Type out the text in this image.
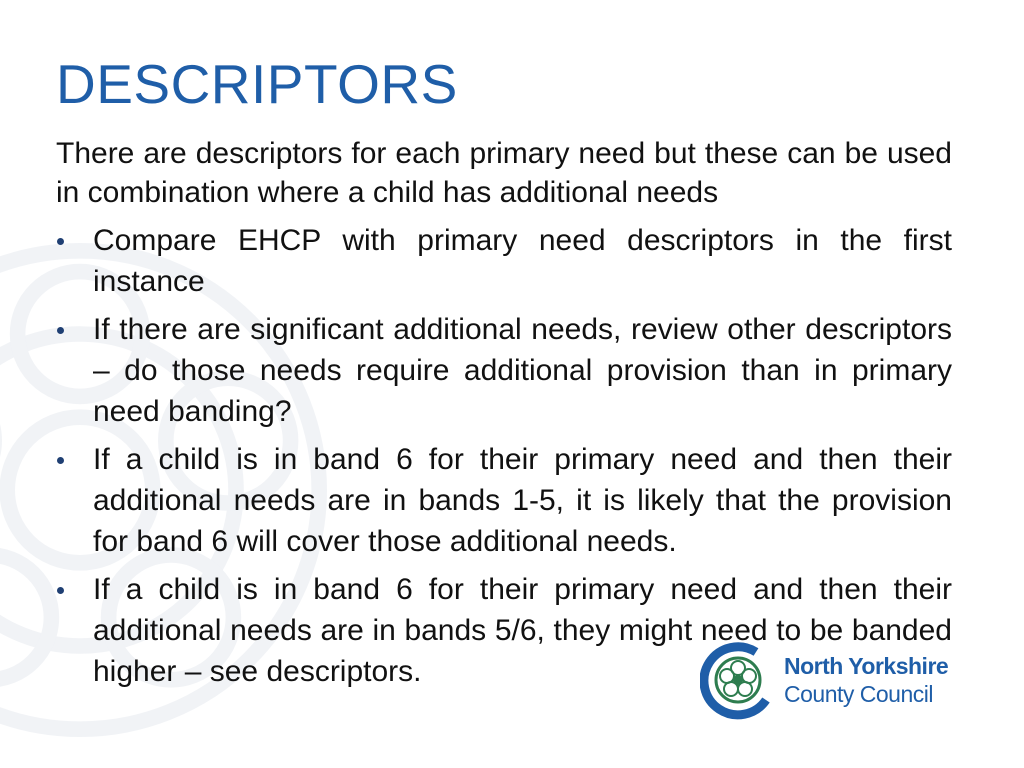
DESCRIPTORS

There are descriptors for each primary need but these can be used in combination where a child has additional needs

Compare EHCP with primary need descriptors in the first instance
If there are significant additional needs, review other descriptors – do those needs require additional provision than in primary need banding?
If a child is in band 6 for their primary need and then their additional needs are in bands 1-5, it is likely that the provision for band 6 will cover those additional needs.
If a child is in band 6 for their primary need and then their additional needs are in bands 5/6, they might need to be banded higher – see descriptors.	North Yorkshire
County Council
